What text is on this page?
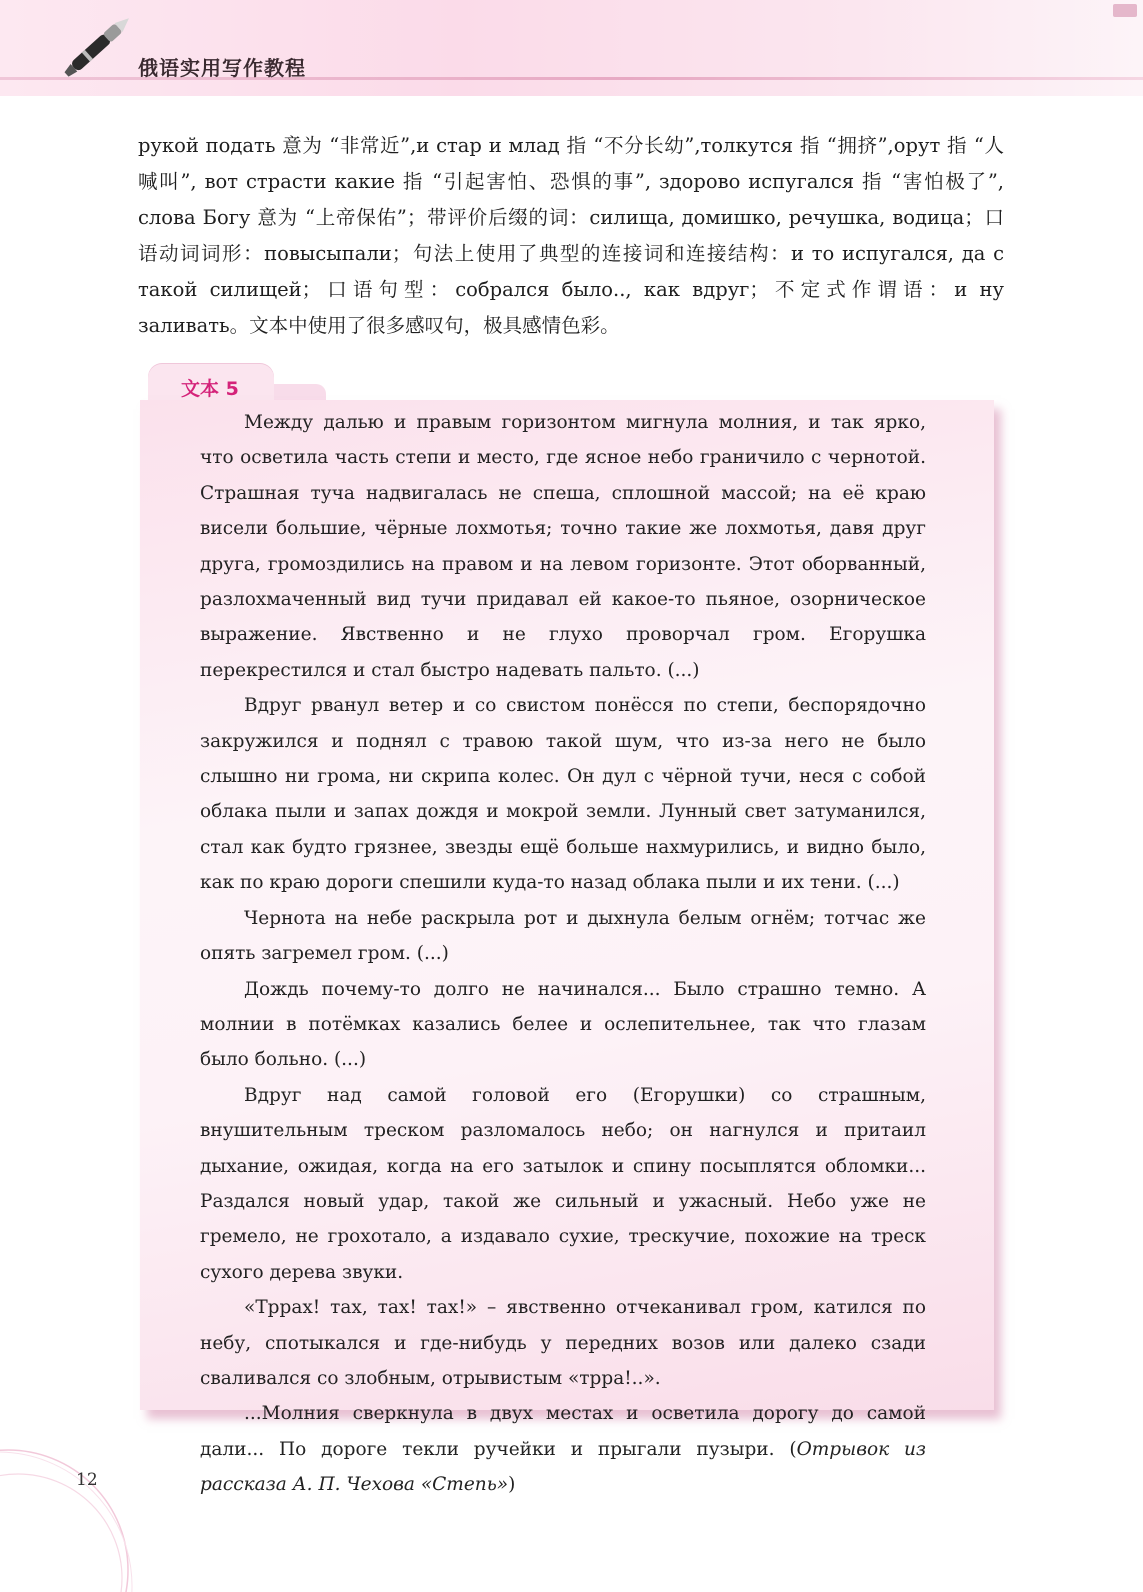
俄语实用写作教程
рукой подать 意为 “非常近”,и стар и млад 指 “不分长幼”,толкутся 指 “拥挤”,орут 指 “人喊叫”, вот страсти какие 指 “引起害怕、恐惧的事”, здорово испугался 指 “害怕极了”, слова Богу 意为 “上帝保佑”；带评价后缀的词：силища, домишко, речушка, водица；口语动词词形：повысыпали；句法上使用了典型的连接词和连接结构：и то испугался, да с такой силищей；口语句型：собрался было.., как вдруг；不定式作谓语：и ну заливать。文本中使用了很多感叹句，极具感情色彩。
文本 5

Между далью и правым горизонтом мигнула молния, и так ярко, что осветила часть степи и место, где ясное небо граничило с чернотой. Страшная туча надвигалась не спеша, сплошной массой; на её краю висели большие, чёрные лохмотья; точно такие же лохмотья, давя друг друга, громоздились на правом и на левом горизонте. Этот оборванный, разлохмаченный вид тучи придавал ей какое-то пьяное, озорническое выражение. Явственно и не глухо проворчал гром. Егорушка перекрестился и стал быстро надевать пальто. (...)

Вдруг рванул ветер и со свистом понёсся по степи, беспорядочно закружился и поднял с травою такой шум, что из-за него не было слышно ни грома, ни скрипа колес. Он дул с чёрной тучи, неся с собой облака пыли и запах дождя и мокрой земли. Лунный свет затуманился, стал как будто грязнее, звезды ещё больше нахмурились, и видно было, как по краю дороги спешили куда-то назад облака пыли и их тени. (...)

Чернота на небе раскрыла рот и дыхнула белым огнём; тотчас же опять загремел гром. (...)

Дождь почему-то долго не начинался... Было страшно темно. А молнии в потёмках казались белее и ослепительнее, так что глазам было больно. (...)

Вдруг над самой головой его (Егорушки) со страшным, внушительным треском разломалось небо; он нагнулся и притаил дыхание, ожидая, когда на его затылок и спину посыплятся обломки... Раздался новый удар, такой же сильный и ужасный. Небо уже не гремело, не грохотало, а издавало сухие, трескучие, похожие на треск сухого дерева звуки.

«Тррах! тах, тах! тах!» – явственно отчеканивал гром, катился по небу, спотыкался и где-нибудь у передних возов или далеко сзади сваливался со злобным, отрывистым «трра!..».

...Молния сверкнула в двух местах и осветила дорогу до самой дали... По дороге текли ручейки и прыгали пузыри. (Отрывок из рассказа А. П. Чехова «Степь»)

12
